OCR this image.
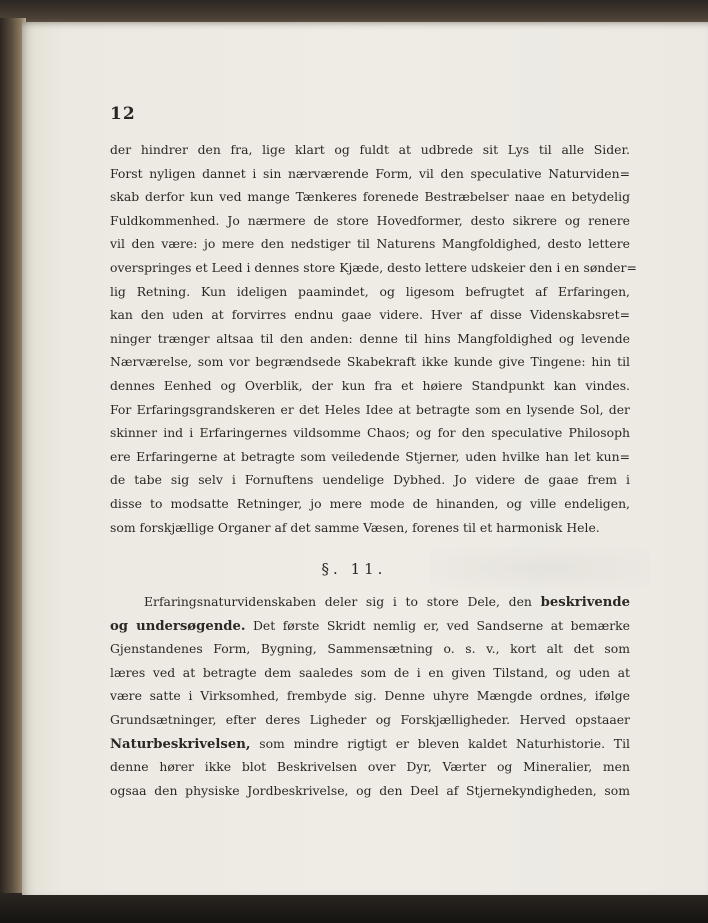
12
der hindrer den fra, lige klart og fuldt at udbrede sit Lys til alle Sider.
Forst nyligen dannet i sin nærværende Form, vil den speculative Naturviden=
skab derfor kun ved mange Tænkeres forenede Bestræbelser naae en betydelig
Fuldkommenhed. Jo nærmere de store Hovedformer, desto sikrere og renere
vil den være: jo mere den nedstiger til Naturens Mangfoldighed, desto lettere
overspringes et Leed i dennes store Kjæde, desto lettere udskeier den i en sønder=
lig Retning. Kun ideligen paamindet, og ligesom befrugtet af Erfaringen,
kan den uden at forvirres endnu gaae videre. Hver af disse Videnskabsret=
ninger trænger altsaa til den anden: denne til hins Mangfoldighed og levende
Nærværelse, som vor begrændsede Skabekraft ikke kunde give Tingene: hin til
dennes Eenhed og Overblik, der kun fra et høiere Standpunkt kan vindes.
For Erfaringsgrandskeren er det Heles Idee at betragte som en lysende Sol, der
skinner ind i Erfaringernes vildsomme Chaos; og for den speculative Philosoph
ere Erfaringerne at betragte som veiledende Stjerner, uden hvilke han let kun=
de tabe sig selv i Fornuftens uendelige Dybhed. Jo videre de gaae frem i
disse to modsatte Retninger, jo mere mode de hinanden, og ville endeligen,
som forskjællige Organer af det samme Væsen, forenes til et harmonisk Hele.
§. 11.
Erfaringsnaturvidenskaben deler sig i to store Dele, den beskrivende
og undersøgende. Det første Skridt nemlig er, ved Sandserne at bemærke
Gjenstandenes Form, Bygning, Sammensætning o. s. v., kort alt det som
læres ved at betragte dem saaledes som de i en given Tilstand, og uden at
være satte i Virksomhed, frembyde sig. Denne uhyre Mængde ordnes, ifølge
Grundsætninger, efter deres Ligheder og Forskjælligheder. Herved opstaaer
Naturbeskrivelsen, som mindre rigtigt er bleven kaldet Naturhistorie. Til
denne hører ikke blot Beskrivelsen over Dyr, Værter og Mineralier, men
ogsaa den physiske Jordbeskrivelse, og den Deel af Stjernekyndigheden, som
